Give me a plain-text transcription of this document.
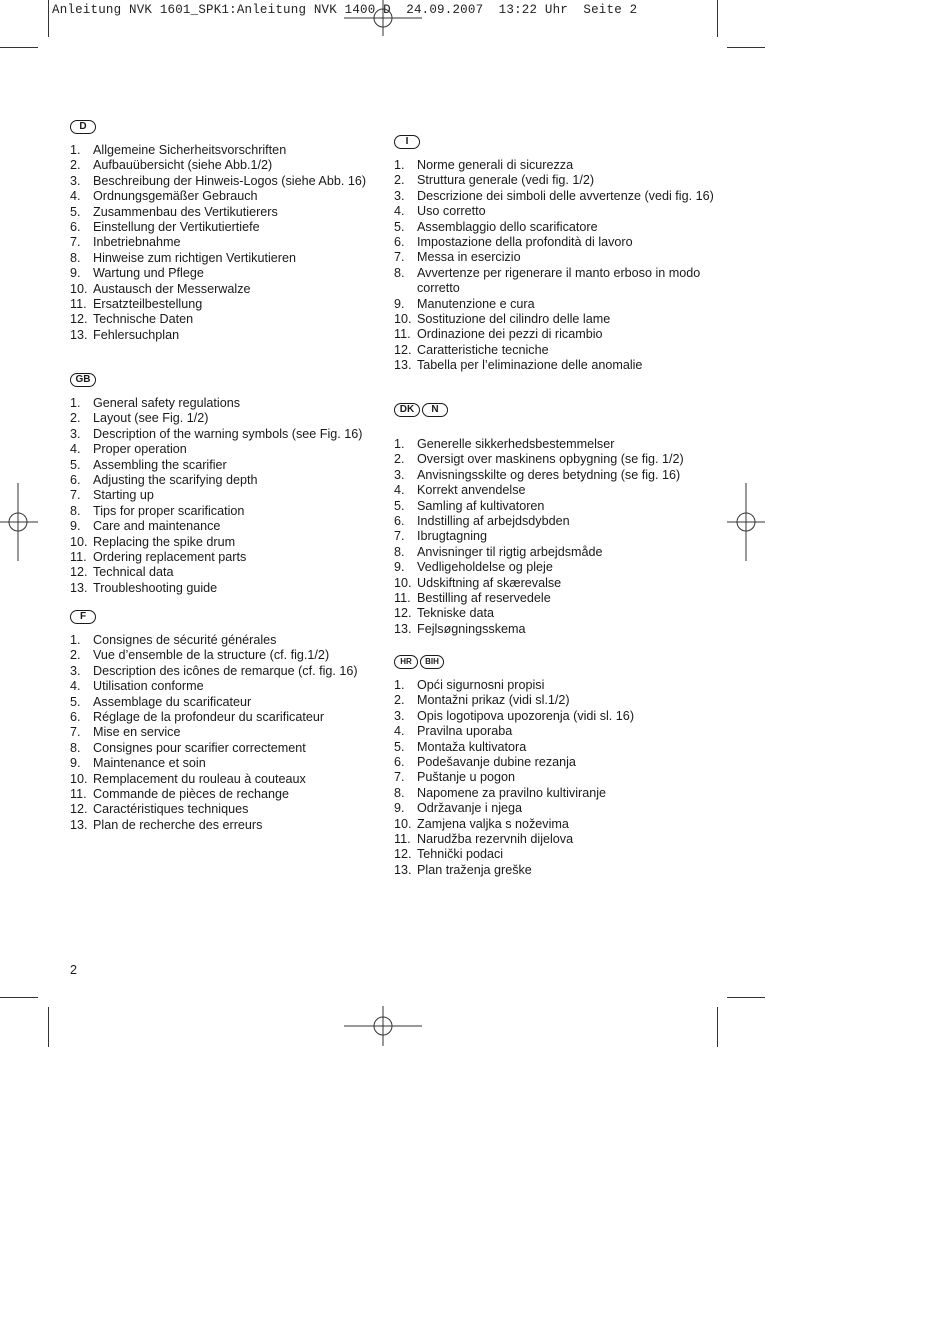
Anleitung NVK 1601_SPK1:Anleitung NVK 1400 D  24.09.2007  13:22 Uhr  Seite 2
D
1. Allgemeine Sicherheitsvorschriften
2. Aufbauübersicht (siehe Abb.1/2)
3. Beschreibung der Hinweis-Logos (siehe Abb. 16)
4. Ordnungsgemäßer Gebrauch
5. Zusammenbau des Vertikutierers
6. Einstellung der Vertikutiertiefe
7. Inbetriebnahme
8. Hinweise zum richtigen Vertikutieren
9. Wartung und Pflege
10. Austausch der Messerwalze
11. Ersatzteilbestellung
12. Technische Daten
13. Fehlersuchplan
GB
1. General safety regulations
2. Layout (see Fig. 1/2)
3. Description of the warning symbols (see Fig. 16)
4. Proper operation
5. Assembling the scarifier
6. Adjusting the scarifying depth
7. Starting up
8. Tips for proper scarification
9. Care and maintenance
10. Replacing the spike drum
11. Ordering replacement parts
12. Technical data
13. Troubleshooting guide
F
1. Consignes de sécurité générales
2. Vue d’ensemble de la structure (cf. fig.1/2)
3. Description des icônes de remarque (cf. fig. 16)
4. Utilisation conforme
5. Assemblage du scarificateur
6. Réglage de la profondeur du scarificateur
7. Mise en service
8. Consignes pour scarifier correctement
9. Maintenance et soin
10. Remplacement du rouleau à couteaux
11. Commande de pièces de rechange
12. Caractéristiques techniques
13. Plan de recherche des erreurs
I
1. Norme generali di sicurezza
2. Struttura generale (vedi fig. 1/2)
3. Descrizione dei simboli delle avvertenze (vedi fig. 16)
4. Uso corretto
5. Assemblaggio dello scarificatore
6. Impostazione della profondità di lavoro
7. Messa in esercizio
8. Avvertenze per rigenerare il manto erboso in modo corretto
9. Manutenzione e cura
10. Sostituzione del cilindro delle lame
11. Ordinazione dei pezzi di ricambio
12. Caratteristiche tecniche
13. Tabella per l’eliminazione delle anomalie
DK	N
1. Generelle sikkerhedsbestemmelser
2. Oversigt over maskinens opbygning (se fig. 1/2)
3. Anvisningsskilte og deres betydning (se fig. 16)
4. Korrekt anvendelse
5. Samling af kultivatoren
6. Indstilling af arbejdsdybden
7. Ibrugtagning
8. Anvisninger til rigtig arbejdsmåde
9. Vedligeholdelse og pleje
10. Udskiftning af skærevalse
11. Bestilling af reservedele
12. Tekniske data
13. Fejlsøgningsskema
HR	BIH
1. Opći sigurnosni propisi
2. Montažni prikaz (vidi sl.1/2)
3. Opis logotipova upozorenja (vidi sl. 16)
4. Pravilna uporaba
5. Montaža kultivatora
6. Podešavanje dubine rezanja
7. Puštanje u pogon
8. Napomene za pravilno kultiviranje
9. Održavanje i njega
10. Zamjena valjka s noževima
11. Narudžba rezervnih dijelova
12. Tehnički podaci
13. Plan traženja greške
2
